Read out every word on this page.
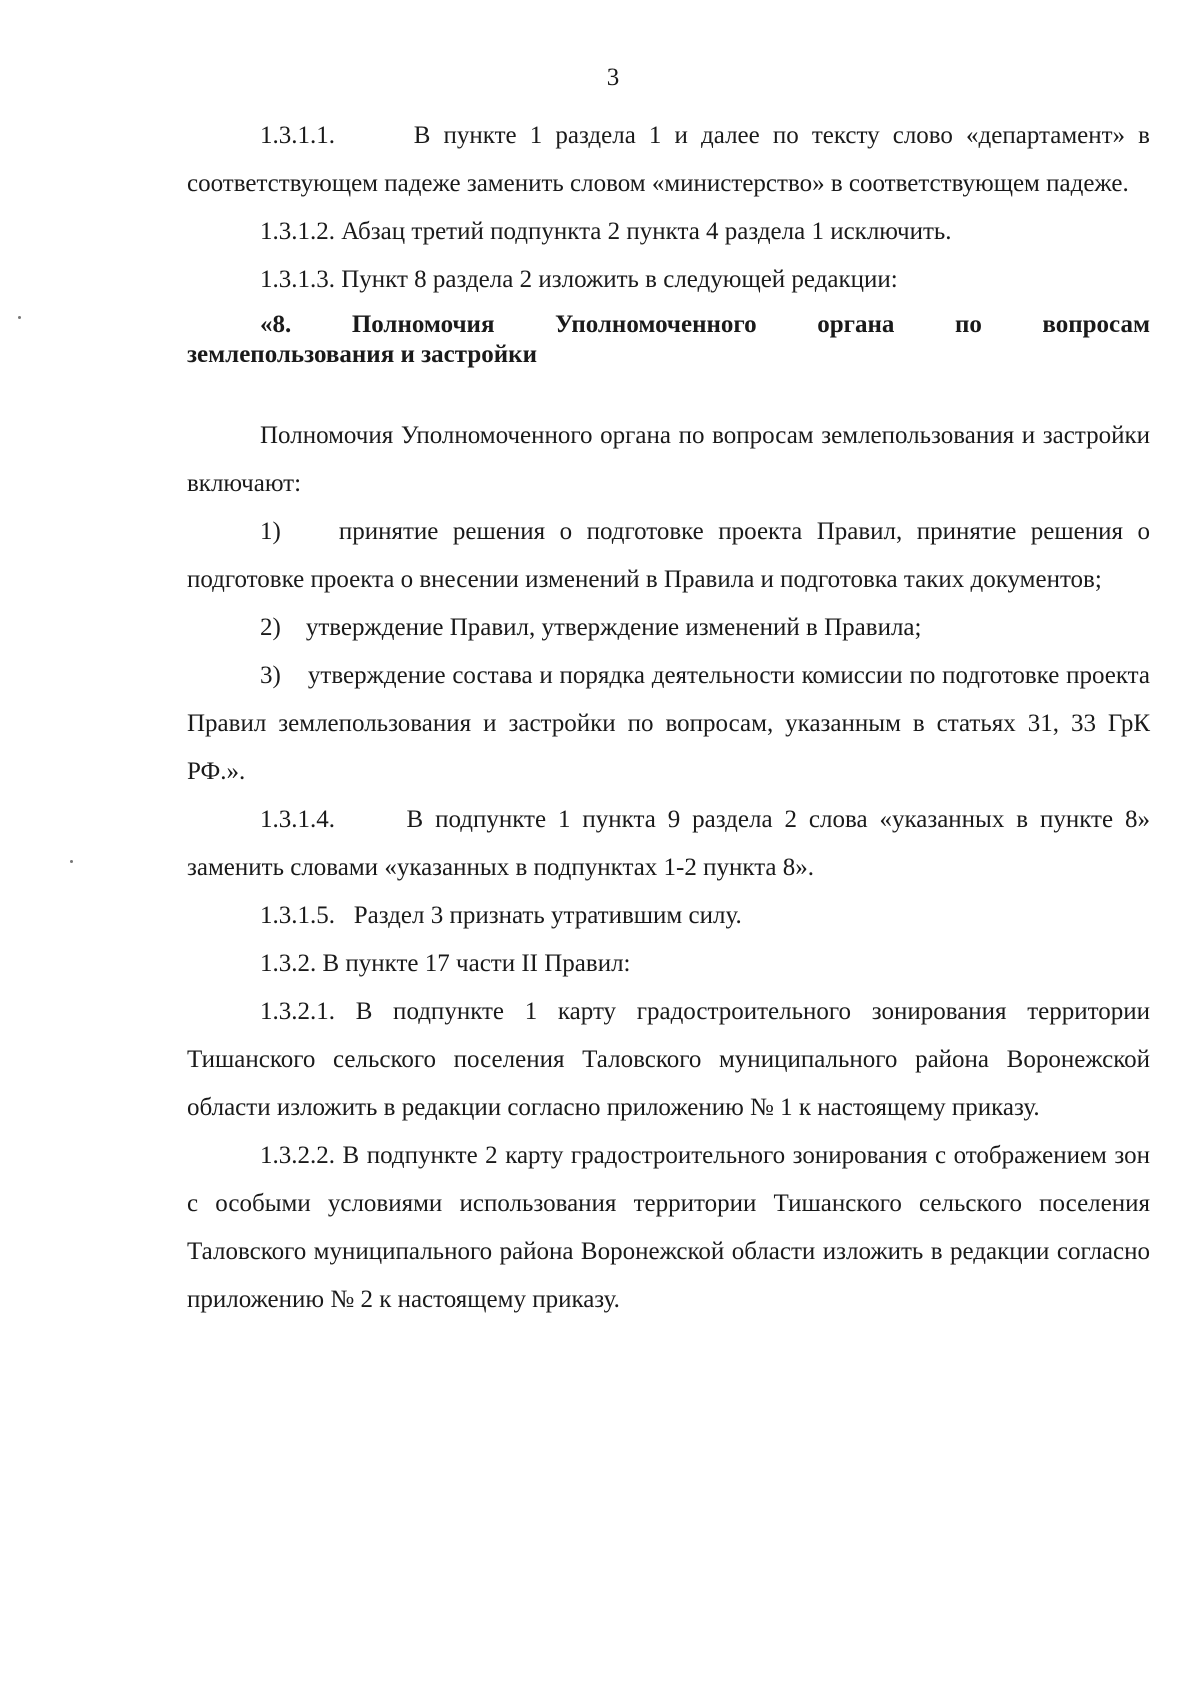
3

1.3.1.1.      В пункте 1 раздела 1 и далее по тексту слово «департамент» в соответствующем падеже заменить словом «министерство» в соответствующем падеже.

1.3.1.2. Абзац третий подпункта 2 пункта 4 раздела 1 исключить.

1.3.1.3. Пункт 8 раздела 2 изложить в следующей редакции:

«8.   Полномочия   Уполномоченного   органа   по   вопросам землепользования и застройки

Полномочия Уполномоченного органа по вопросам землепользования и застройки включают:

1)    принятие решения о подготовке проекта Правил, принятие решения о подготовке проекта о внесении изменений в Правила и подготовка таких документов;

2)    утверждение Правил, утверждение изменений в Правила;

3)    утверждение состава и порядка деятельности комиссии по подготовке проекта Правил землепользования и застройки по вопросам, указанным в статьях 31, 33 ГрК РФ.».

1.3.1.4.      В подпункте 1 пункта 9 раздела 2 слова «указанных в пункте 8» заменить словами «указанных в подпунктах 1-2 пункта 8».

1.3.1.5.   Раздел 3 признать утратившим силу.

1.3.2. В пункте 17 части II Правил:

1.3.2.1. В подпункте 1 карту градостроительного зонирования территории Тишанского сельского поселения Таловского муниципального района Воронежской области изложить в редакции согласно приложению № 1 к настоящему приказу.

1.3.2.2. В подпункте 2 карту градостроительного зонирования с отображением зон с особыми условиями использования территории Тишанского сельского поселения Таловского муниципального района Воронежской области изложить в редакции согласно приложению № 2 к настоящему приказу.
